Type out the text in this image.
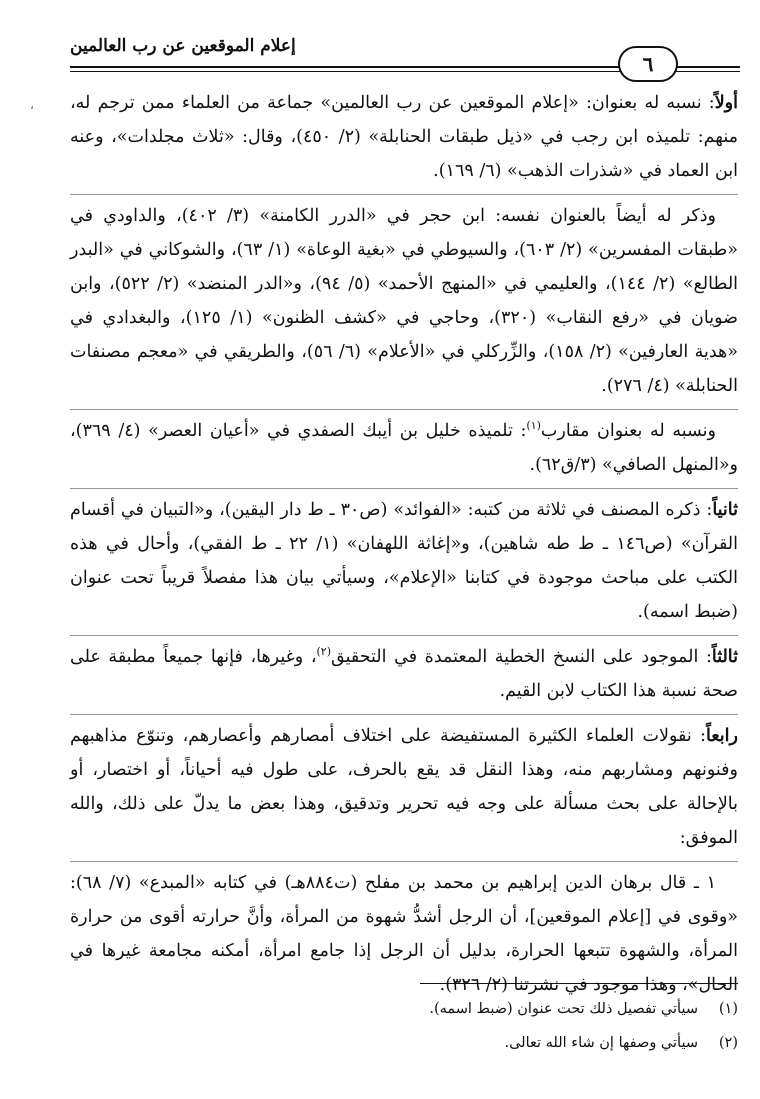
،
إعلام الموقعين عن رب العالمين
٦

أولاً: نسبه له بعنوان: «إعلام الموقعين عن رب العالمين» جماعة من العلماء ممن ترجم له، منهم: تلميذه ابن رجب في «ذيل طبقات الحنابلة» (٢/ ٤٥٠)، وقال: «ثلاث مجلدات»، وعنه ابن العماد في «شذرات الذهب» (٦/ ١٦٩).

وذكر له أيضاً بالعنوان نفسه: ابن حجر في «الدرر الكامنة» (٣/ ٤٠٢)، والداودي في «طبقات المفسرين» (٢/ ٦٠٣)، والسيوطي في «بغية الوعاة» (١/ ٦٣)، والشوكاني في «البدر الطالع» (٢/ ١٤٤)، والعليمي في «المنهج الأحمد» (٥/ ٩٤)، و«الدر المنضد» (٢/ ٥٢٢)، وابن ضويان في «رفع النقاب» (٣٢٠)، وحاجي في «كشف الظنون» (١/ ١٢٥)، والبغدادي في «هدية العارفين» (٢/ ١٥٨)، والزِّركلي في «الأعلام» (٦/ ٥٦)، والطريقي في «معجم مصنفات الحنابلة» (٤/ ٢٧٦).

ونسبه له بعنوان مقارب$^{(١)}$: تلميذه خليل بن أيبك الصفدي في «أعيان العصر» (٤/ ٣٦٩)، و«المنهل الصافي» (٣/ق٦٢).

ثانياً: ذكره المصنف في ثلاثة من كتبه: «الفوائد» (ص٣٠ ـ ط دار اليقين)، و«التبيان في أقسام القرآن» (ص١٤٦ ـ ط طه شاهين)، و«إغاثة اللهفان» (١/ ٢٢ ـ ط الفقي)، وأحال في هذه الكتب على مباحث موجودة في كتابنا «الإعلام»، وسيأتي بيان هذا مفصلاً قريباً تحت عنوان (ضبط اسمه).

ثالثاً: الموجود على النسخ الخطية المعتمدة في التحقيق$^{(٢)}$، وغيرها، فإنها جميعاً مطبقة على صحة نسبة هذا الكتاب لابن القيم.

رابعاً: نقولات العلماء الكثيرة المستفيضة على اختلاف أمصارهم وأعصارهم، وتنوّع مذاهبهم وفنونهم ومشاربهم منه، وهذا النقل قد يقع بالحرف، على طول فيه أحياناً، أو اختصار، أو بالإحالة على بحث مسألة على وجه فيه تحرير وتدقيق، وهذا بعض ما يدلّ على ذلك، والله الموفق:

١ ـ قال برهان الدين إبراهيم بن محمد بن مفلح (ت٨٨٤هـ) في كتابه «المبدع» (٧/ ٦٨): «وقوى في [إعلام الموقعين]، أن الرجل أشدُّ شهوة من المرأة، وأنَّ حرارته أقوى من حرارة المرأة، والشهوة تتبعها الحرارة، بدليل أن الرجل إذا جامع امرأة، أمكنه مجامعة غيرها في الحال»، وهذا موجود في نشرتنا (٢/ ٣٢٦).

(١)سيأتي تفصيل ذلك تحت عنوان (ضبط اسمه).

(٢)سيأتي وصفها إن شاء الله تعالى.
